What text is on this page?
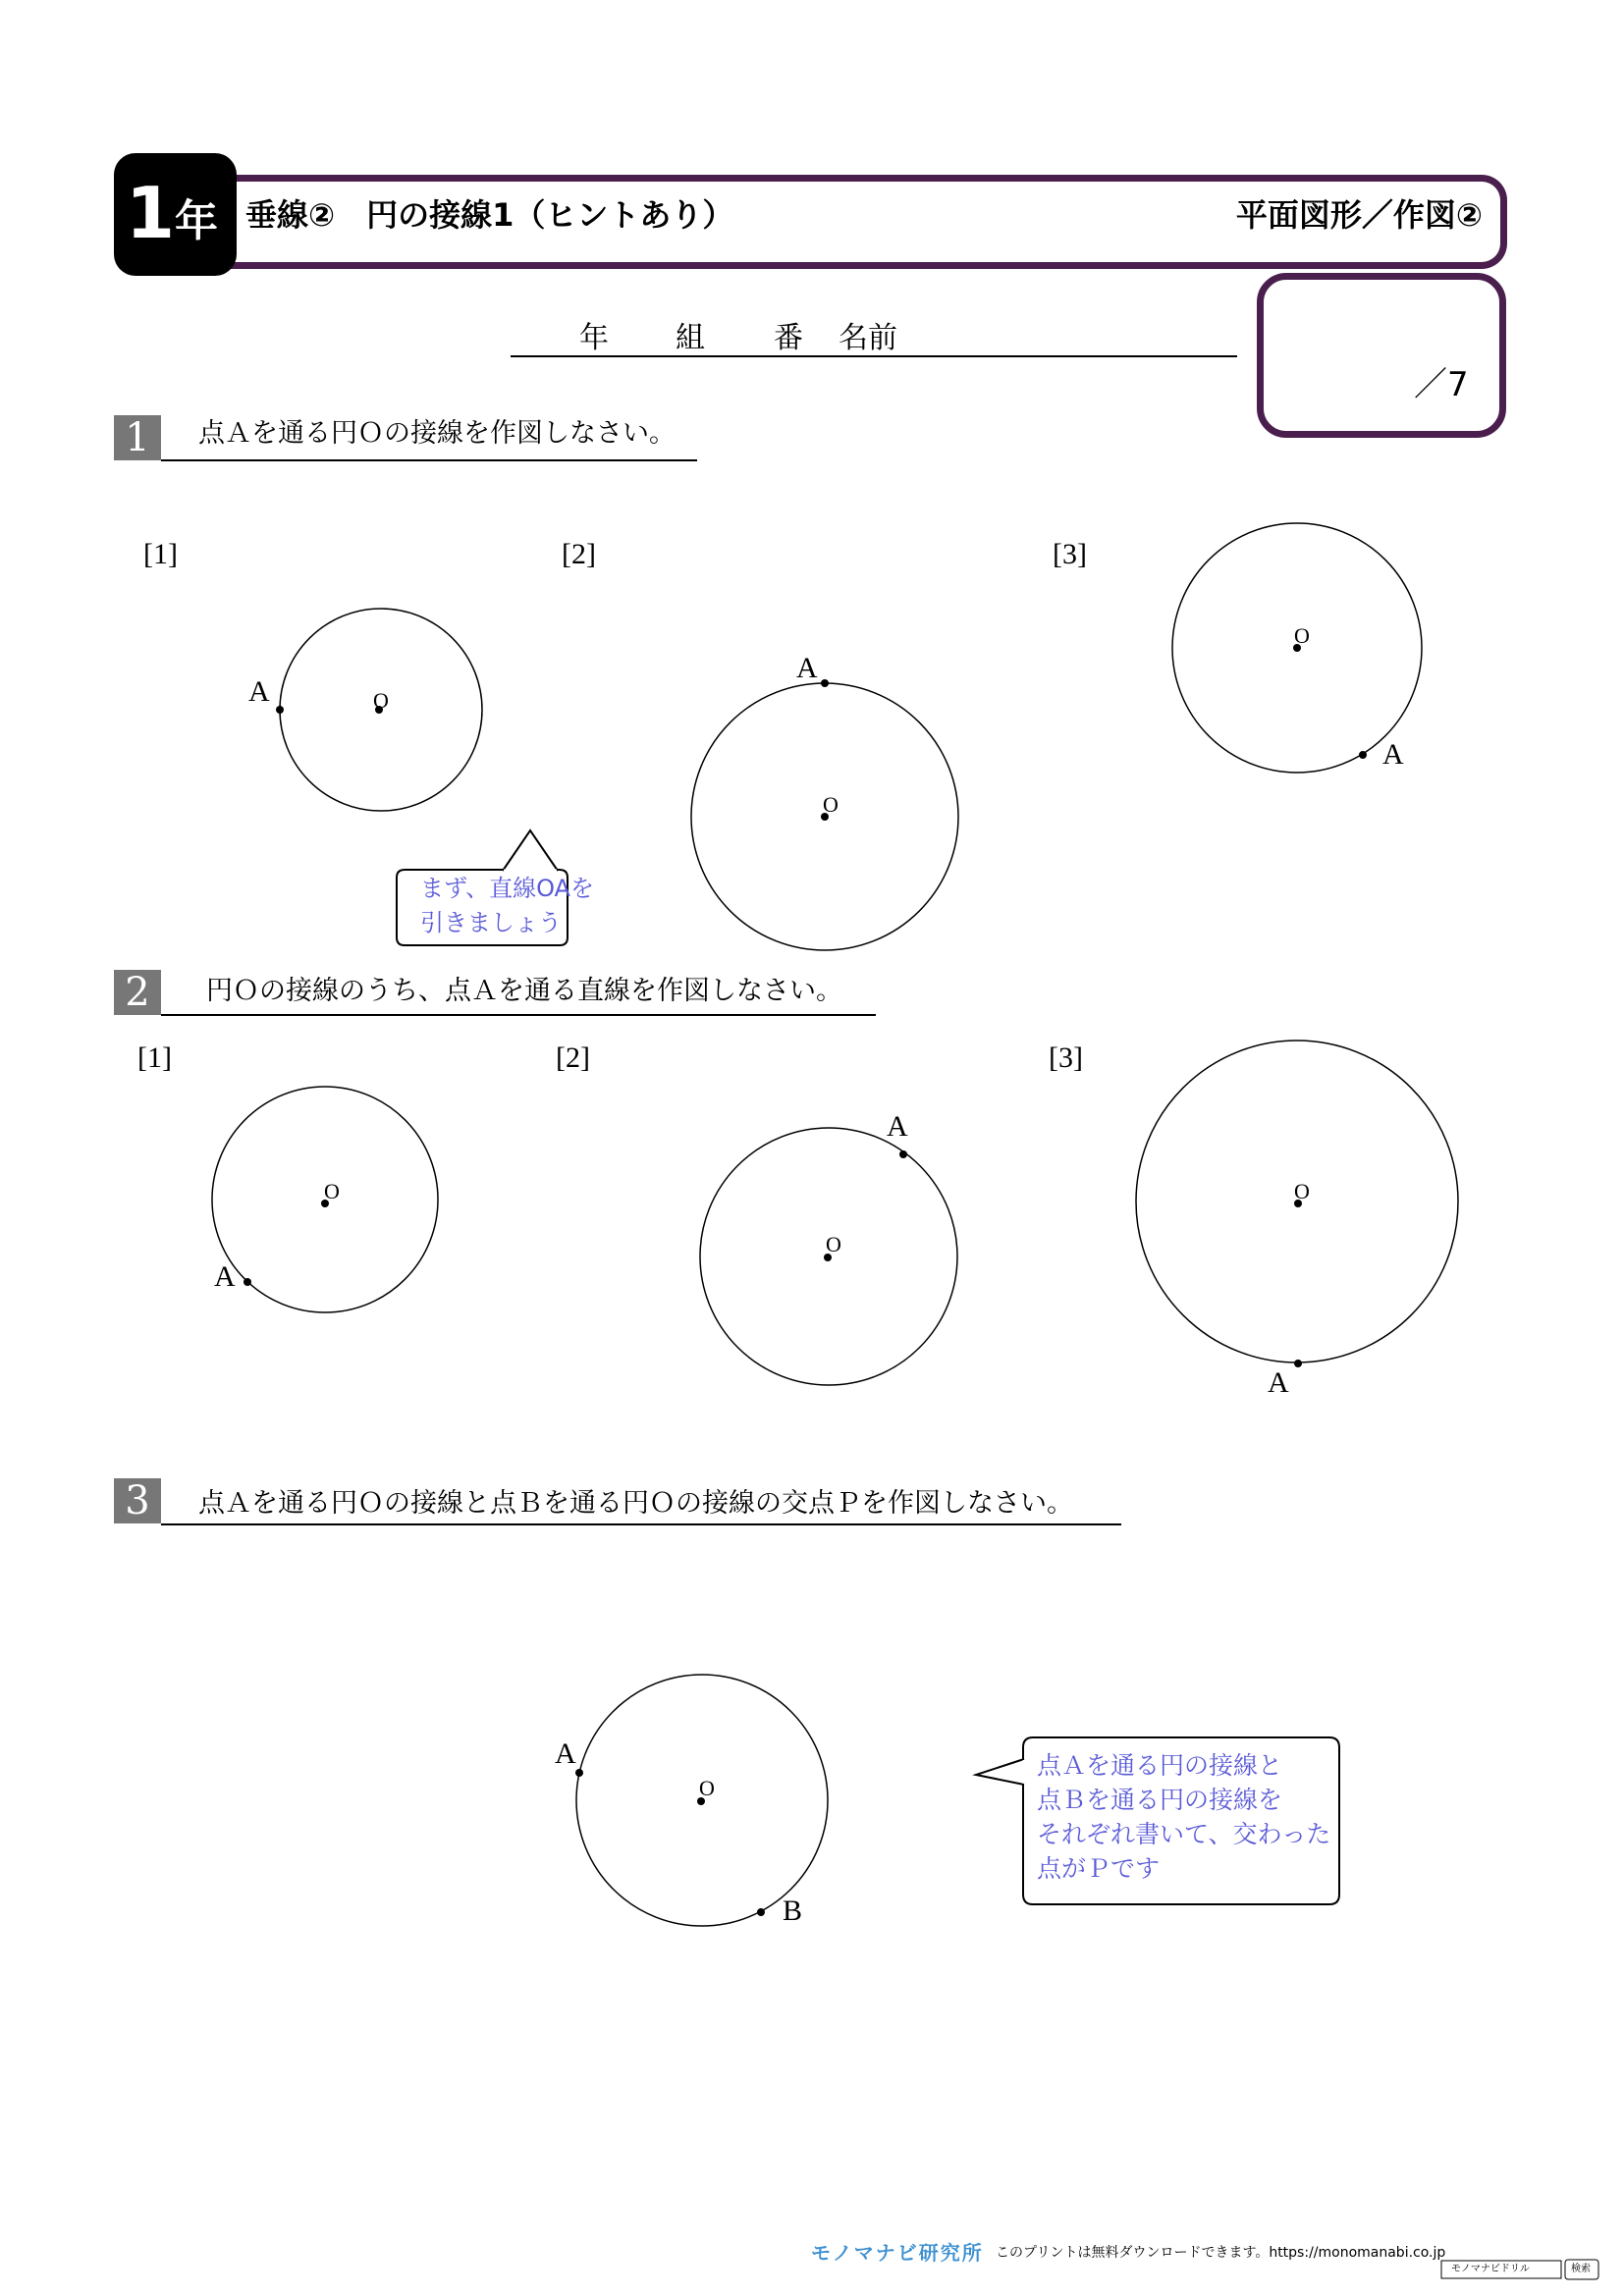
1 年 垂線②　円の接線1（ヒントあり）	平面図形／作図②
／7
年 組 番 名前
1	点Ａを通る円Ｏの接線を作図しなさい。
2	円Ｏの接線のうち、点Ａを通る直線を作図しなさい。
3	点Ａを通る円Ｏの接線と点Ｂを通る円Ｏの接線の交点Ｐを作図しなさい。
[1]	[2]	[3]
[1]	[2]	[3]
O
A
O
A
O
A
O
A
O
A
O
A
O
A
B
まず、直線OAを
引きましょう
点Ａを通る円の接線と
点Ｂを通る円の接線を
それぞれ書いて、交わった
点がＰです
モノマナビ研究所 このプリントは無料ダウンロードできます。https://monomanabi.co.jp
モノマナビドリル	検索
